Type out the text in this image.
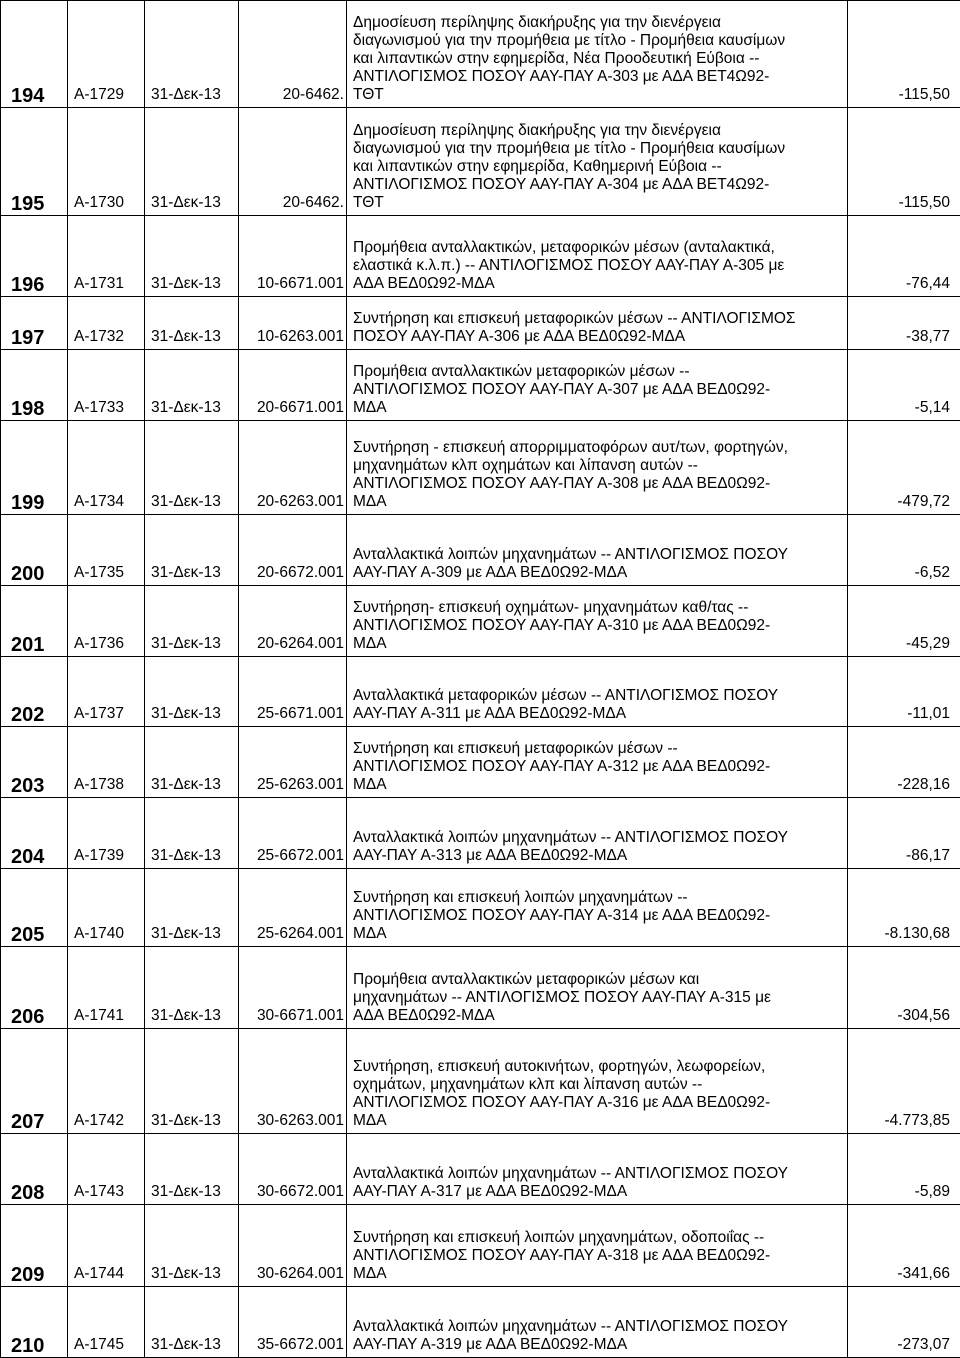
194	Α-1729	31-Δεκ-13	20-6462.	Δημοσίευση περίληψης διακήρυξης για την διενέργεια
διαγωνισμού για την προμήθεια με τίτλο - Προμήθεια καυσίμων
και λιπαντικών στην εφημερίδα, Νέα Προοδευτική Εύβοια --
ΑΝΤΙΛΟΓΙΣΜΟΣ ΠΟΣΟΥ ΑΑΥ-ΠΑΥ Α-303 με ΑΔΑ ΒΕΤ4Ω92-
ΤΘΤ	-115,50
195	Α-1730	31-Δεκ-13	20-6462.	Δημοσίευση περίληψης διακήρυξης για την διενέργεια
διαγωνισμού για την προμήθεια με τίτλο - Προμήθεια καυσίμων
και λιπαντικών στην εφημερίδα, Καθημερινή Εύβοια --
ΑΝΤΙΛΟΓΙΣΜΟΣ ΠΟΣΟΥ ΑΑΥ-ΠΑΥ Α-304 με ΑΔΑ ΒΕΤ4Ω92-
ΤΘΤ	-115,50
196	Α-1731	31-Δεκ-13	10-6671.001	Προμήθεια ανταλλακτικών, μεταφορικών μέσων (ανταλακτικά,
ελαστικά κ.λ.π.) -- ΑΝΤΙΛΟΓΙΣΜΟΣ ΠΟΣΟΥ ΑΑΥ-ΠΑΥ Α-305 με
ΑΔΑ ΒΕΔ0Ω92-ΜΔΑ	-76,44
197	Α-1732	31-Δεκ-13	10-6263.001	Συντήρηση και επισκευή μεταφορικών μέσων -- ΑΝΤΙΛΟΓΙΣΜΟΣ
ΠΟΣΟΥ ΑΑΥ-ΠΑΥ Α-306 με ΑΔΑ ΒΕΔ0Ω92-ΜΔΑ	-38,77
198	Α-1733	31-Δεκ-13	20-6671.001	Προμήθεια ανταλλακτικών μεταφορικών μέσων --
ΑΝΤΙΛΟΓΙΣΜΟΣ ΠΟΣΟΥ ΑΑΥ-ΠΑΥ Α-307 με ΑΔΑ ΒΕΔ0Ω92-
ΜΔΑ	-5,14
199	Α-1734	31-Δεκ-13	20-6263.001	Συντήρηση - επισκευή απορριμματοφόρων αυτ/των, φορτηγών,
μηχανημάτων κλπ οχημάτων και λίπανση αυτών --
ΑΝΤΙΛΟΓΙΣΜΟΣ ΠΟΣΟΥ ΑΑΥ-ΠΑΥ Α-308 με ΑΔΑ ΒΕΔ0Ω92-
ΜΔΑ	-479,72
200	Α-1735	31-Δεκ-13	20-6672.001	Ανταλλακτικά λοιπών μηχανημάτων -- ΑΝΤΙΛΟΓΙΣΜΟΣ ΠΟΣΟΥ
ΑΑΥ-ΠΑΥ Α-309 με ΑΔΑ ΒΕΔ0Ω92-ΜΔΑ	-6,52
201	Α-1736	31-Δεκ-13	20-6264.001	Συντήρηση- επισκευή οχημάτων- μηχανημάτων καθ/τας --
ΑΝΤΙΛΟΓΙΣΜΟΣ ΠΟΣΟΥ ΑΑΥ-ΠΑΥ Α-310 με ΑΔΑ ΒΕΔ0Ω92-
ΜΔΑ	-45,29
202	Α-1737	31-Δεκ-13	25-6671.001	Ανταλλακτικά μεταφορικών μέσων -- ΑΝΤΙΛΟΓΙΣΜΟΣ ΠΟΣΟΥ
ΑΑΥ-ΠΑΥ Α-311 με ΑΔΑ ΒΕΔ0Ω92-ΜΔΑ	-11,01
203	Α-1738	31-Δεκ-13	25-6263.001	Συντήρηση και επισκευή μεταφορικών μέσων --
ΑΝΤΙΛΟΓΙΣΜΟΣ ΠΟΣΟΥ ΑΑΥ-ΠΑΥ Α-312 με ΑΔΑ ΒΕΔ0Ω92-
ΜΔΑ	-228,16
204	Α-1739	31-Δεκ-13	25-6672.001	Ανταλλακτικά λοιπών μηχανημάτων -- ΑΝΤΙΛΟΓΙΣΜΟΣ ΠΟΣΟΥ
ΑΑΥ-ΠΑΥ Α-313 με ΑΔΑ ΒΕΔ0Ω92-ΜΔΑ	-86,17
205	Α-1740	31-Δεκ-13	25-6264.001	Συντήρηση και επισκευή λοιπών μηχανημάτων --
ΑΝΤΙΛΟΓΙΣΜΟΣ ΠΟΣΟΥ ΑΑΥ-ΠΑΥ Α-314 με ΑΔΑ ΒΕΔ0Ω92-
ΜΔΑ	-8.130,68
206	Α-1741	31-Δεκ-13	30-6671.001	Προμήθεια ανταλλακτικών μεταφορικών μέσων και
μηχανημάτων -- ΑΝΤΙΛΟΓΙΣΜΟΣ ΠΟΣΟΥ ΑΑΥ-ΠΑΥ Α-315 με
ΑΔΑ ΒΕΔ0Ω92-ΜΔΑ	-304,56
207	Α-1742	31-Δεκ-13	30-6263.001	Συντήρηση, επισκευή αυτοκινήτων, φορτηγών, λεωφορείων,
οχημάτων, μηχανημάτων κλπ και λίπανση αυτών --
ΑΝΤΙΛΟΓΙΣΜΟΣ ΠΟΣΟΥ ΑΑΥ-ΠΑΥ Α-316 με ΑΔΑ ΒΕΔ0Ω92-
ΜΔΑ	-4.773,85
208	Α-1743	31-Δεκ-13	30-6672.001	Ανταλλακτικά λοιπών μηχανημάτων -- ΑΝΤΙΛΟΓΙΣΜΟΣ ΠΟΣΟΥ
ΑΑΥ-ΠΑΥ Α-317 με ΑΔΑ ΒΕΔ0Ω92-ΜΔΑ	-5,89
209	Α-1744	31-Δεκ-13	30-6264.001	Συντήρηση και επισκευή λοιπών μηχανημάτων, οδοποιΐας --
ΑΝΤΙΛΟΓΙΣΜΟΣ ΠΟΣΟΥ ΑΑΥ-ΠΑΥ Α-318 με ΑΔΑ ΒΕΔ0Ω92-
ΜΔΑ	-341,66
210	Α-1745	31-Δεκ-13	35-6672.001	Ανταλλακτικά λοιπών μηχανημάτων -- ΑΝΤΙΛΟΓΙΣΜΟΣ ΠΟΣΟΥ
ΑΑΥ-ΠΑΥ Α-319 με ΑΔΑ ΒΕΔ0Ω92-ΜΔΑ	-273,07
